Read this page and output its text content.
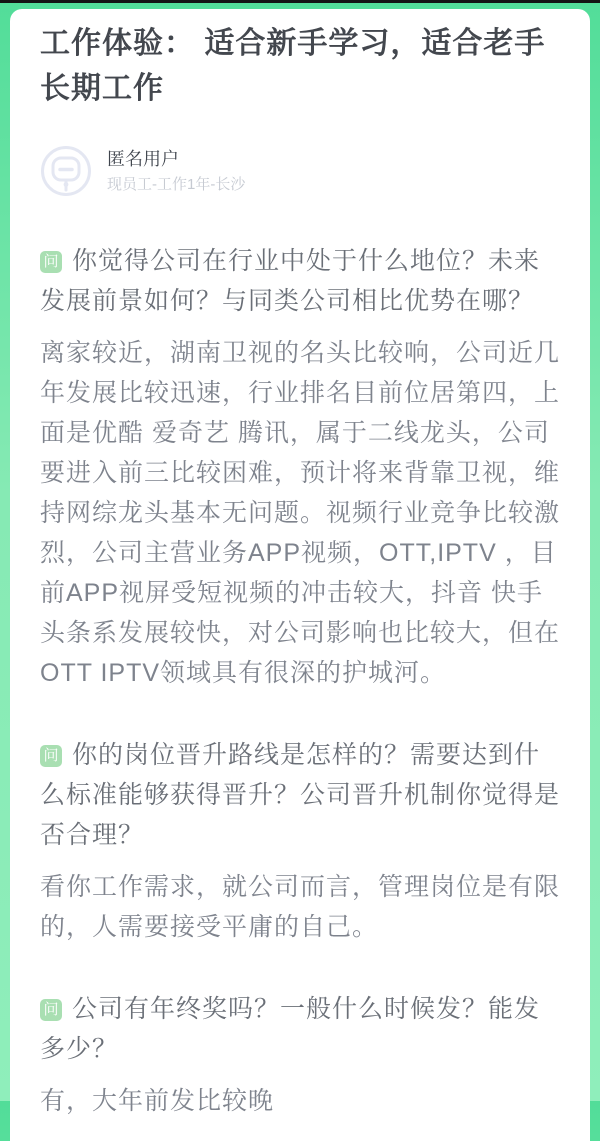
工作体验： 适合新手学习，适合老手长期工作
匿名用户
现员工-工作1年-长沙

问 你觉得公司在行业中处于什么地位？未来发展前景如何？与同类公司相比优势在哪？

离家较近，湖南卫视的名头比较响，公司近几年发展比较迅速，行业排名目前位居第四，上面是优酷 爱奇艺 腾讯，属于二线龙头，公司要进入前三比较困难，预计将来背靠卫视，维持网综龙头基本无问题。视频行业竞争比较激烈，公司主营业务APP视频，OTT,IPTV ，目前APP视屏受短视频的冲击较大，抖音 快手头条系发展较快，对公司影响也比较大，但在OTT IPTV领域具有很深的护城河。

问 你的岗位晋升路线是怎样的？需要达到什么标准能够获得晋升？公司晋升机制你觉得是否合理？

看你工作需求，就公司而言，管理岗位是有限的，人需要接受平庸的自己。

问 公司有年终奖吗？一般什么时候发？能发多少？

有，大年前发比较晚
